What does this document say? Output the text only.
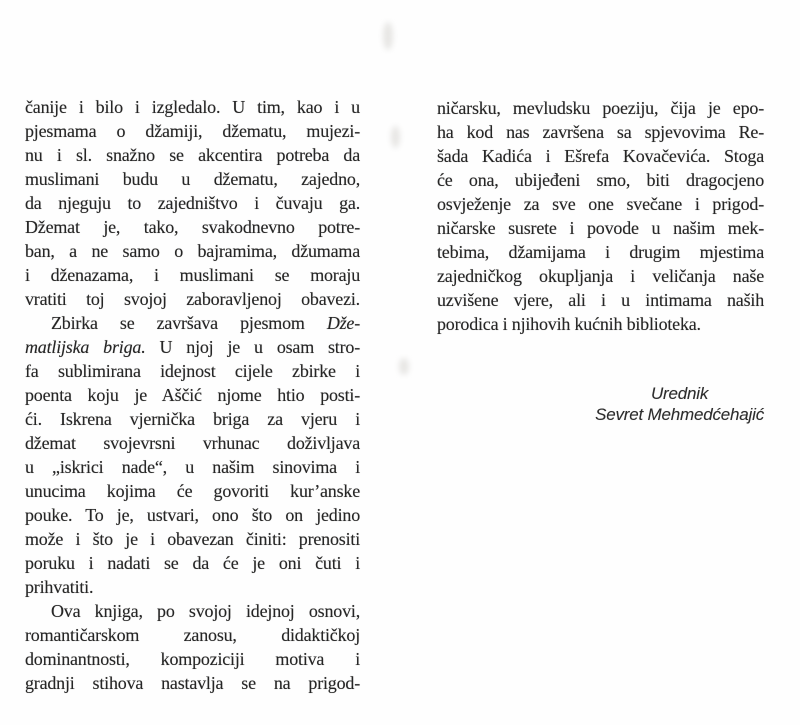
čanije i bilo i izgledalo. U tim, kao i u
pjesmama o džamiji, džematu, mujezi-
nu i sl. snažno se akcentira potreba da
muslimani budu u džematu, zajedno,
da njeguju to zajedništvo i čuvaju ga.
Džemat je, tako, svakodnevno potre-
ban, a ne samo o bajramima, džumama
i dženazama, i muslimani se moraju
vratiti toj svojoj zaboravljenoj obavezi.
Zbirka se završava pjesmom Dže-
matlijska briga. U njoj je u osam stro-
fa sublimirana idejnost cijele zbirke i
poenta koju je Aščić njome htio posti-
ći. Iskrena vjernička briga za vjeru i
džemat svojevrsni vrhunac doživljava
u „iskrici nade“, u našim sinovima i
unucima kojima će govoriti kur’anske
pouke. To je, ustvari, ono što on jedino
može i što je i obavezan činiti: prenositi
poruku i nadati se da će je oni čuti i
prihvatiti.
Ova knjiga, po svojoj idejnoj osnovi,
romantičarskom zanosu, didaktičkoj
dominantnosti, kompoziciji motiva i
gradnji stihova nastavlja se na prigod-
ničarsku, mevludsku poeziju, čija je epo-
ha kod nas završena sa spjevovima Re-
šada Kadića i Ešrefa Kovačevića. Stoga
će ona, ubijeđeni smo, biti dragocjeno
osvježenje za sve one svečane i prigod-
ničarske susrete i povode u našim mek-
tebima, džamijama i drugim mjestima
zajedničkog okupljanja i veličanja naše
uzvišene vjere, ali i u intimama naših
porodica i njihovih kućnih biblioteka.
Urednik
Sevret Mehmedćehajić
